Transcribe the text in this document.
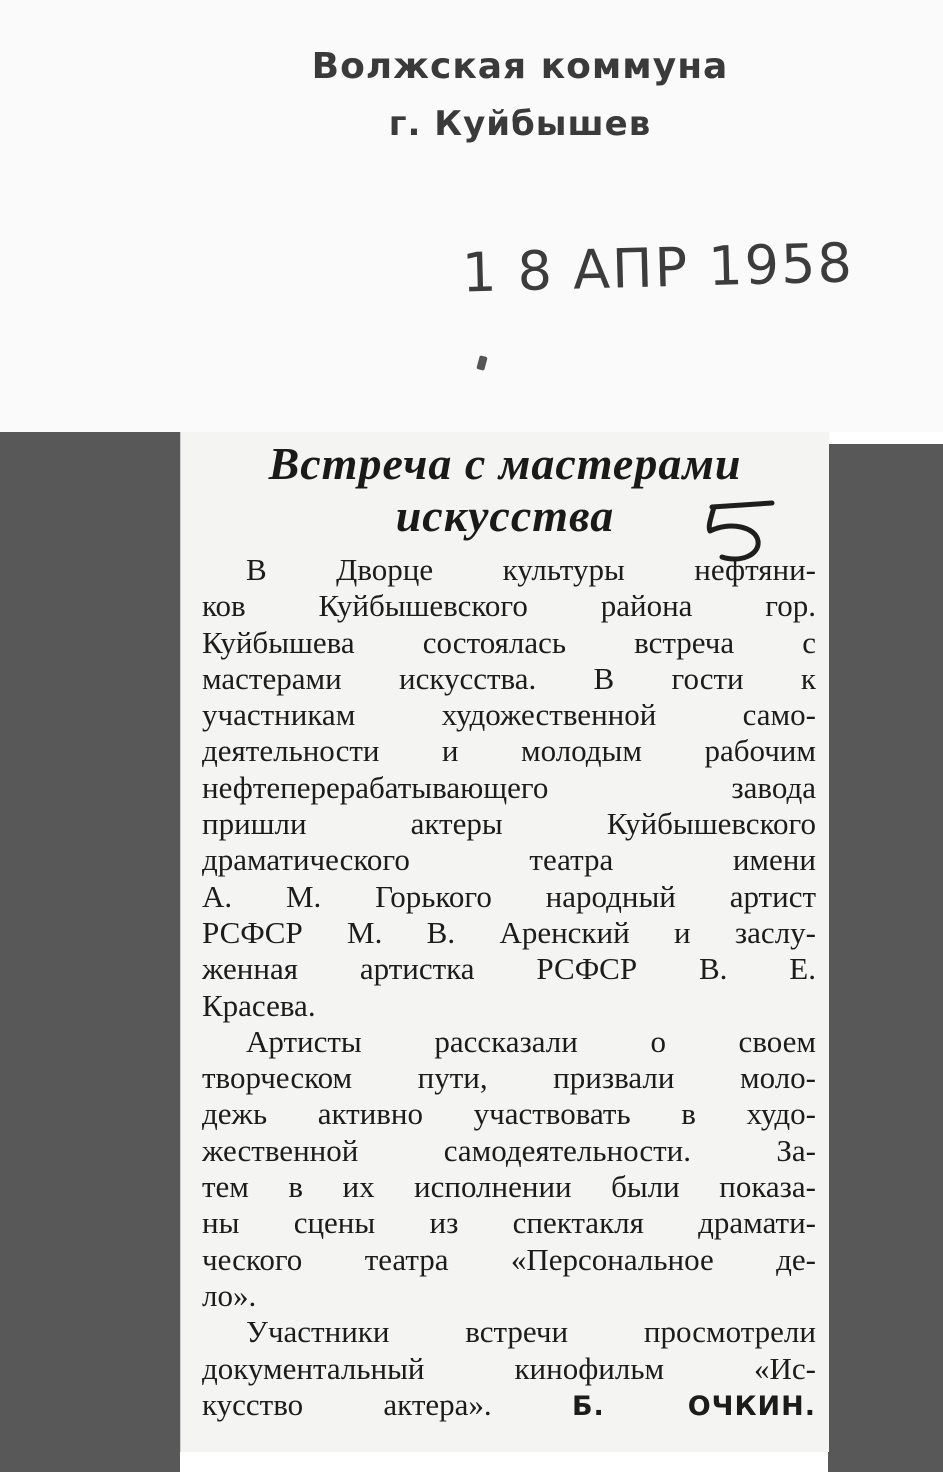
Волжская коммуна
г. Куйбышев
1 8 АПР 1958
Встреча с мастерами
искусства
В Дворце культуры нефтяни-
ков Куйбышевского района гор.
Куйбышева состоялась встреча с
мастерами искусства. В гости к
участникам художественной само-
деятельности и молодым рабочим
нефтеперерабатывающего завода
пришли актеры Куйбышевского
драматического театра имени
А. М. Горького народный артист
РСФСР М. В. Аренский и заслу-
женная артистка РСФСР В. Е.
Красева.
Артисты рассказали о своем
творческом пути, призвали моло-
дежь активно участвовать в худо-
жественной самодеятельности. За-
тем в их исполнении были показа-
ны сцены из спектакля драмати-
ческого театра «Персональное де-
ло».
Участники встречи просмотрели
документальный кинофильм «Ис-
кусство актера».	Б. ОЧКИН.
